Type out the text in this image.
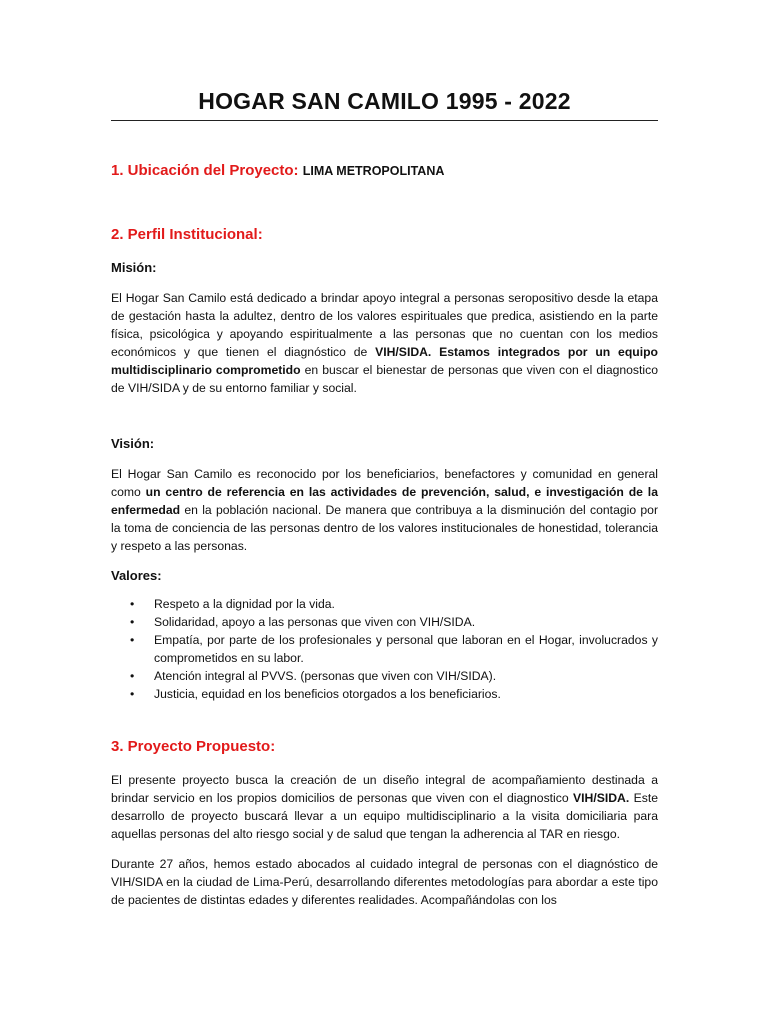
HOGAR SAN CAMILO 1995 - 2022
1. Ubicación del Proyecto: LIMA METROPOLITANA
2. Perfil Institucional:

Misión:

El Hogar San Camilo está dedicado a brindar apoyo integral a personas seropositivo desde la etapa de gestación hasta la adultez, dentro de los valores espirituales que predica, asistiendo en la parte física, psicológica y apoyando espiritualmente a las personas que no cuentan con los medios económicos y que tienen el diagnóstico de VIH/SIDA. Estamos integrados por un equipo multidisciplinario comprometido en buscar el bienestar de personas que viven con el diagnostico de VIH/SIDA y de su entorno familiar y social.

Visión:

El Hogar San Camilo es reconocido por los beneficiarios, benefactores y comunidad en general como un centro de referencia en las actividades de prevención, salud, e investigación de la enfermedad en la población nacional. De manera que contribuya a la disminución del contagio por la toma de conciencia de las personas dentro de los valores institucionales de honestidad, tolerancia y respeto a las personas.

Valores:

• Respeto a la dignidad por la vida.
• Solidaridad, apoyo a las personas que viven con VIH/SIDA.
• Empatía, por parte de los profesionales y personal que laboran en el Hogar, involucrados y comprometidos en su labor.
• Atención integral al PVVS. (personas que viven con VIH/SIDA).
• Justicia, equidad en los beneficios otorgados a los beneficiarios.
3. Proyecto Propuesto:

El presente proyecto busca la creación de un diseño integral de acompañamiento destinada a brindar servicio en los propios domicilios de personas que viven con el diagnostico VIH/SIDA. Este desarrollo de proyecto buscará llevar a un equipo multidisciplinario a la visita domiciliaria para aquellas personas del alto riesgo social y de salud que tengan la adherencia al TAR en riesgo.

Durante 27 años, hemos estado abocados al cuidado integral de personas con el diagnóstico de VIH/SIDA en la ciudad de Lima-Perú, desarrollando diferentes metodologías para abordar a este tipo de pacientes de distintas edades y diferentes realidades. Acompañándolas con los
